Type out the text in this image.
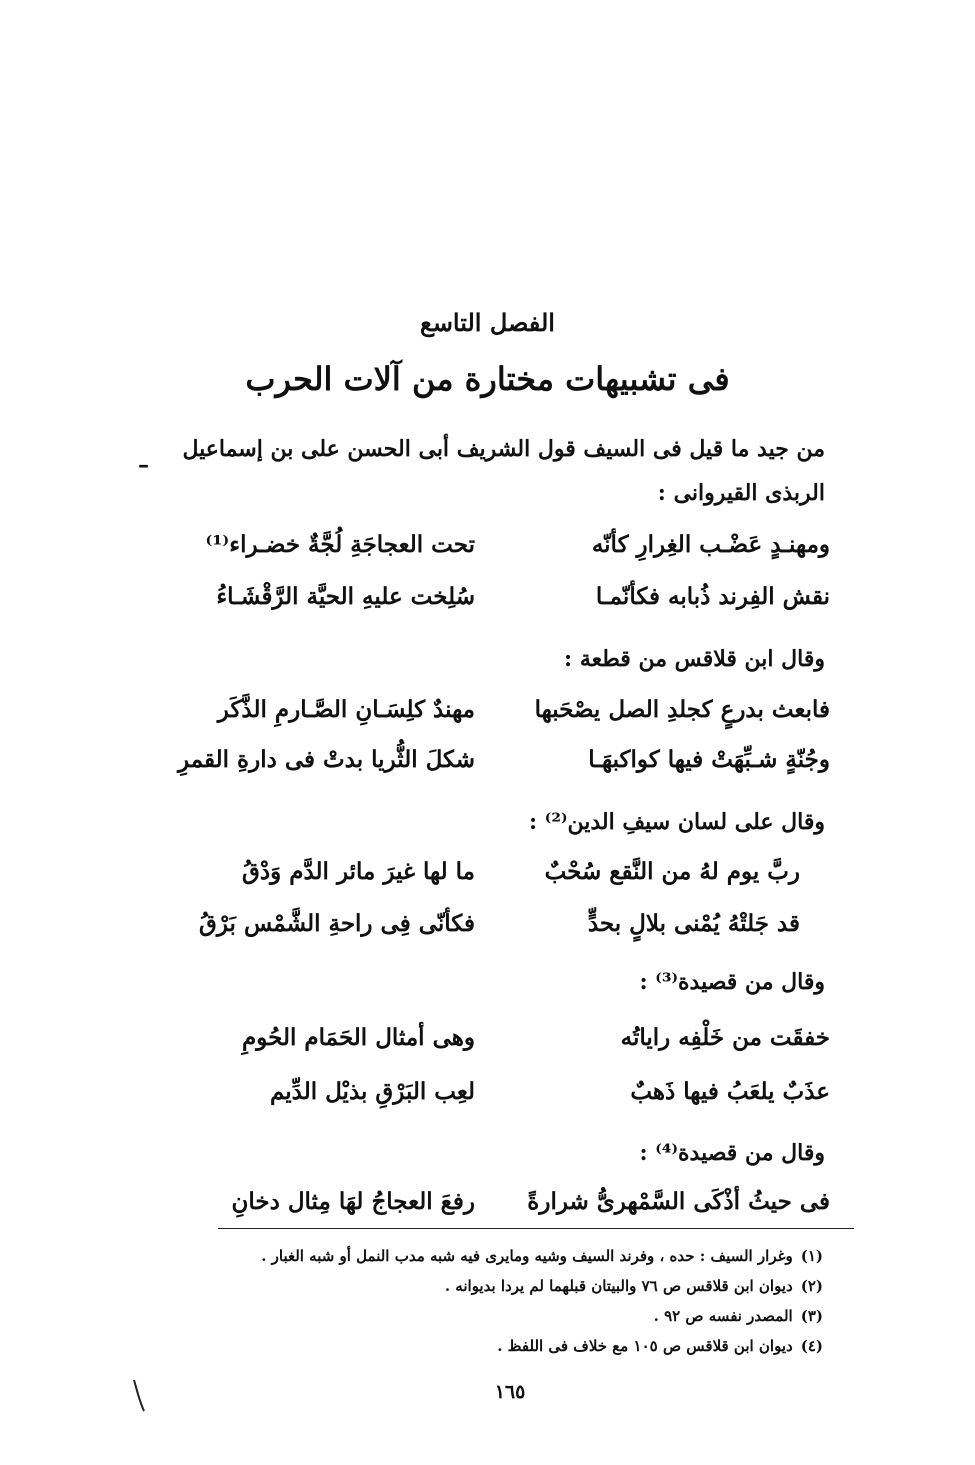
الفصل التاسع
فى تشبيهات مختارة من آلات الحرب
من جيد ما قيل فى السيف قول الشريف أبى الحسن على بن إسماعيل
–
الربذى القيروانى :
ومهنـدٍ عَضْـب الغِرارِ كأنّه
تحت العجاجَةِ لُجَّةٌ خضـراء⁽¹⁾
نقش الفِرند ذُبابه فكأنّمـا
سُلِخت عليهِ الحيَّة الرَّقْشَـاءُ
وقال ابن قلاقس من قطعة :
فابعث بدرعٍ كجلدِ الصل يصْحَبها
مهندٌ كلِسَـانِ الصَّـارمِ الذَّكَر
وجُنّةٍ شـبِّهَتْ فيها كواكبهَـا
شكلَ الثُّريا بدتْ فى دارةِ القمرِ
وقال على لسان سيفِ الدين⁽²⁾ :
ربَّ يوم لهُ من النَّقع سُحْبٌ
ما لها غيرَ مائر الدَّم وَدْقُ
قد جَلتْهُ يُمْنى بلالٍ بحدٍّ
فكأنّى فِى راحةِ الشَّمْس بَرْقُ
وقال من قصيدة⁽³⁾ :
خفقَت من خَلْفِه راياتُه
وهى أمثال الحَمَام الحُومِ
عذَبٌ يلعَبُ فيها ذَهبٌ
لعِب البَرْقِ بذيْل الدِّيم
وقال من قصيدة⁽⁴⁾ :
فى حيثُ أذْكَى السَّمْهرىُّ شرارةً
رفعَ العجاجُ لهَا مِثال دخانِ
(١)وغرار السيف : حده ، وفرند السيف وشيه ومايرى فيه شبه مدب النمل أو شبه الغبار .
(٢)ديوان ابن قلاقس ص ٧٦ والبيتان قبلهما لم يردا بديوانه .
(٣)المصدر نفسه ص ٩٢ .
(٤)ديوان ابن قلاقس ص ١٠٥ مع خلاف فى اللفظ .
١٦٥
